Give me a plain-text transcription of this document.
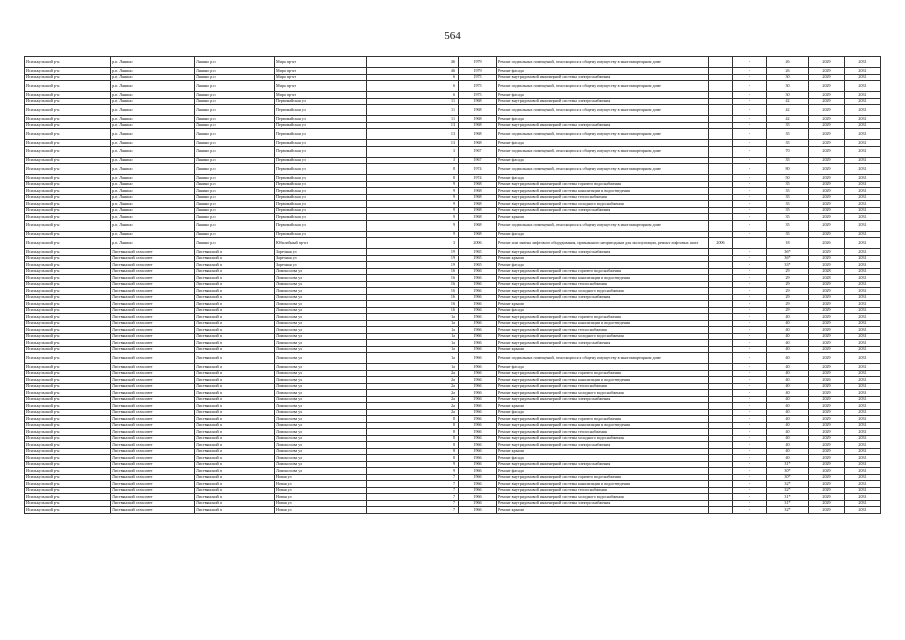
564
Исилькульский р-н	р.п. Лянино	Лянино р.п	Мира пр-кт	46	1979	Ремонт подвальных помещений, относящихся к общему имуществу в многоквартирном доме		-	26	2029	2031
Исилькульский р-н	р.п. Лянино	Лянино р.п	Мира пр-кт	46	1979	Ремонт фасада		-	26	2029	2031
Исилькульский р-н	р.п. Лянино	Лянино р.п	Мира пр-кт	6	1975	Ремонт внутридомовой инженерной системы электроснабжения		-	30	2029	2031
Исилькульский р-н	р.п. Лянино	Лянино р.п	Мира пр-кт	6	1975	Ремонт подвальных помещений, относящихся к общему имуществу в многоквартирном доме		-	30	2029	2031
Исилькульский р-н	р.п. Лянино	Лянино р.п	Мира пр-кт	6	1975	Ремонт фасада		-	30	2029	2031
Исилькульский р-н	р.п. Лянино	Лянино р.п	Первомайская ул	11	1968	Ремонт внутридомовой инженерной системы электроснабжения		-	42	2029	2031
Исилькульский р-н	р.п. Лянино	Лянино р.п	Первомайская ул	11	1968	Ремонт подвальных помещений, относящихся к общему имуществу в многоквартирном доме		-	42	2029	2031
Исилькульский р-н	р.п. Лянино	Лянино р.п	Первомайская ул	11	1968	Ремонт фасада		-	42	2029	2031
Исилькульский р-н	р.п. Лянино	Лянино р.п	Первомайская ул	13	1968	Ремонт внутридомовой инженерной системы электроснабжения		-	35	2029	2031
Исилькульский р-н	р.п. Лянино	Лянино р.п	Первомайская ул	13	1968	Ремонт подвальных помещений, относящихся к общему имуществу в многоквартирном доме		-	35	2029	2031
Исилькульский р-н	р.п. Лянино	Лянино р.п	Первомайская ул	13	1968	Ремонт фасада		-	35	2029	2031
Исилькульский р-н	р.п. Лянино	Лянино р.п	Первомайская ул	3	1967	Ремонт подвальных помещений, относящихся к общему имуществу в многоквартирном доме		-	70	2029	2031
Исилькульский р-н	р.п. Лянино	Лянино р.п	Первомайская ул	3	1967	Ремонт фасада		-	35	2029	2031
Исилькульский р-н	р.п. Лянино	Лянино р.п	Первомайская ул	8	1974	Ремонт подвальных помещений, относящихся к общему имуществу в многоквартирном доме		-	80	2029	2031
Исилькульский р-н	р.п. Лянино	Лянино р.п	Первомайская ул	8	1974	Ремонт фасада		-	50	2029	2031
Исилькульский р-н	р.п. Лянино	Лянино р.п	Первомайская ул	9	1968	Ремонт внутридомовой инженерной системы горячего водоснабжения		-	35	2029	2031
Исилькульский р-н	р.п. Лянино	Лянино р.п	Первомайская ул	9	1968	Ремонт внутридомовой инженерной системы канализации и водоотведения		-	35	2029	2031
Исилькульский р-н	р.п. Лянино	Лянино р.п	Первомайская ул	9	1968	Ремонт внутридомовой инженерной системы теплоснабжения		-	35	2029	2031
Исилькульский р-н	р.п. Лянино	Лянино р.п	Первомайская ул	9	1968	Ремонт внутридомовой инженерной системы холодного водоснабжения		-	35	2029	2031
Исилькульский р-н	р.п. Лянино	Лянино р.п	Первомайская ул	9	1968	Ремонт внутридомовой инженерной системы электроснабжения		-	35	2029	2031
Исилькульский р-н	р.п. Лянино	Лянино р.п	Первомайская ул	9	1968	Ремонт крыши		-	35	2029	2031
Исилькульский р-н	р.п. Лянино	Лянино р.п	Первомайская ул	9	1968	Ремонт подвальных помещений, относящихся к общему имуществу в многоквартирном доме		-	35	2029	2031
Исилькульский р-н	р.п. Лянино	Лянино р.п	Первомайская ул	9	1968	Ремонт фасада		-	35	2029	2031
Исилькульский р-н	р.п. Лянино	Лянино р.п	Юбилейный пр-кт	3	2006	Ремонт или замена лифтового оборудования, признанного непригодным для эксплуатации, ремонт лифтовых шахт	2006		18	2026	2031
Исилькульский р-н	Листвянский сельсовет	Листвянский п	Заречная ул	19	1965	Ремонт внутридомовой инженерной системы электроснабжения		-	36*	2029	2031
Исилькульский р-н	Листвянский сельсовет	Листвянский п	Заречная ул	19	1965	Ремонт крыши		-	36*	2029	2031
Исилькульский р-н	Листвянский сельсовет	Листвянский п	Заречная ул	19	1965	Ремонт фасада		-	33*	2029	2031
Исилькульский р-н	Листвянский сельсовет	Листвянский п	Ломоносова ул	16	1966	Ремонт внутридомовой инженерной системы горячего водоснабжения		-	29	2028	2031
Исилькульский р-н	Листвянский сельсовет	Листвянский п	Ломоносова ул	16	1966	Ремонт внутридомовой инженерной системы канализации и водоотведения		-	29	2028	2031
Исилькульский р-н	Листвянский сельсовет	Листвянский п	Ломоносова ул	16	1966	Ремонт внутридомовой инженерной системы теплоснабжения		-	29	2029	2031
Исилькульский р-н	Листвянский сельсовет	Листвянский п	Ломоносова ул	16	1966	Ремонт внутридомовой инженерной системы холодного водоснабжения		-	29	2029	2031
Исилькульский р-н	Листвянский сельсовет	Листвянский п	Ломоносова ул	16	1966	Ремонт внутридомовой инженерной системы электроснабжения		-	29	2029	2031
Исилькульский р-н	Листвянский сельсовет	Листвянский п	Ломоносова ул	16	1966	Ремонт крыши		-	29	2029	2031
Исилькульский р-н	Листвянский сельсовет	Листвянский п	Ломоносова ул	16	1966	Ремонт фасада		-	29	2029	2031
Исилькульский р-н	Листвянский сельсовет	Листвянский п	Ломоносова ул	1а	1966	Ремонт внутридомовой инженерной системы горячего водоснабжения		-	40	2029	2031
Исилькульский р-н	Листвянский сельсовет	Листвянский п	Ломоносова ул	1а	1966	Ремонт внутридомовой инженерной системы канализации и водоотведения		-	40	2029	2031
Исилькульский р-н	Листвянский сельсовет	Листвянский п	Ломоносова ул	1а	1966	Ремонт внутридомовой инженерной системы теплоснабжения		-	40	2029	2031
Исилькульский р-н	Листвянский сельсовет	Листвянский п	Ломоносова ул	1а	1966	Ремонт внутридомовой инженерной системы холодного водоснабжения		-	40	2029	2031
Исилькульский р-н	Листвянский сельсовет	Листвянский п	Ломоносова ул	1а	1966	Ремонт внутридомовой инженерной системы электроснабжения		-	40	2029	2031
Исилькульский р-н	Листвянский сельсовет	Листвянский п	Ломоносова ул	1а	1966	Ремонт крыши		-	40	2029	2031
Исилькульский р-н	Листвянский сельсовет	Листвянский п	Ломоносова ул	1а	1966	Ремонт подвальных помещений, относящихся к общему имуществу в многоквартирном доме		-	40	2029	2031
Исилькульский р-н	Листвянский сельсовет	Листвянский п	Ломоносова ул	1а	1966	Ремонт фасада		-	40	2029	2031
Исилькульский р-н	Листвянский сельсовет	Листвянский п	Ломоносова ул	2а	1966	Ремонт внутридомовой инженерной системы горячего водоснабжения		-	40	2029	2031
Исилькульский р-н	Листвянский сельсовет	Листвянский п	Ломоносова ул	2а	1966	Ремонт внутридомовой инженерной системы канализации и водоотведения		-	40	2026	2031
Исилькульский р-н	Листвянский сельсовет	Листвянский п	Ломоносова ул	2а	1966	Ремонт внутридомовой инженерной системы теплоснабжения		-	40	2029	2031
Исилькульский р-н	Листвянский сельсовет	Листвянский п	Ломоносова ул	2а	1966	Ремонт внутридомовой инженерной системы холодного водоснабжения		-	40	2029	2031
Исилькульский р-н	Листвянский сельсовет	Листвянский п	Ломоносова ул	2а	1966	Ремонт внутридомовой инженерной системы электроснабжения		-	40	2029	2031
Исилькульский р-н	Листвянский сельсовет	Листвянский п	Ломоносова ул	2а	1966	Ремонт крыши		-	40	2029	2031
Исилькульский р-н	Листвянский сельсовет	Листвянский п	Ломоносова ул	2а	1966	Ремонт фасада		-	40	2029	2031
Исилькульский р-н	Листвянский сельсовет	Листвянский п	Ломоносова ул	8	1966	Ремонт внутридомовой инженерной системы горячего водоснабжения		-	40	2029	2031
Исилькульский р-н	Листвянский сельсовет	Листвянский п	Ломоносова ул	8	1966	Ремонт внутридомовой инженерной системы канализации и водоотведения		-	40	2029	2031
Исилькульский р-н	Листвянский сельсовет	Листвянский п	Ломоносова ул	8	1966	Ремонт внутридомовой инженерной системы теплоснабжения		-	40	2029	2031
Исилькульский р-н	Листвянский сельсовет	Листвянский п	Ломоносова ул	8	1966	Ремонт внутридомовой инженерной системы холодного водоснабжения		-	40	2029	2031
Исилькульский р-н	Листвянский сельсовет	Листвянский п	Ломоносова ул	8	1966	Ремонт внутридомовой инженерной системы электроснабжения		-	40	2029	2031
Исилькульский р-н	Листвянский сельсовет	Листвянский п	Ломоносова ул	8	1966	Ремонт крыши		-	40	2029	2031
Исилькульский р-н	Листвянский сельсовет	Листвянский п	Ломоносова ул	8	1966	Ремонт фасада		-	40	2029	2031
Исилькульский р-н	Листвянский сельсовет	Листвянский п	Ломоносова ул	9	1966	Ремонт внутридомовой инженерной системы электроснабжения		-	31*	2029	2031
Исилькульский р-н	Листвянский сельсовет	Листвянский п	Ломоносова ул	9	1966	Ремонт фасада		-	30*	2029	2031
Исилькульский р-н	Листвянский сельсовет	Листвянский п	Новая ул	7	1966	Ремонт внутридомовой инженерной системы горячего водоснабжения		-	30*	2029	2031
Исилькульский р-н	Листвянский сельсовет	Листвянский п	Новая ул	7	1966	Ремонт внутридомовой инженерной системы канализации и водоотведения		-	32*	2029	2031
Исилькульский р-н	Листвянский сельсовет	Листвянский п	Новая ул	7	1966	Ремонт внутридомовой инженерной системы теплоснабжения		-	32*	2029	2031
Исилькульский р-н	Листвянский сельсовет	Листвянский п	Новая ул	7	1966	Ремонт внутридомовой инженерной системы холодного водоснабжения		-	31*	2029	2031
Исилькульский р-н	Листвянский сельсовет	Листвянский п	Новая ул	7	1966	Ремонт внутридомовой инженерной системы электроснабжения		-	31*	2029	2031
Исилькульский р-н	Листвянский сельсовет	Листвянский п	Новая ул	7	1966	Ремонт крыши		-	32*	2029	2031
